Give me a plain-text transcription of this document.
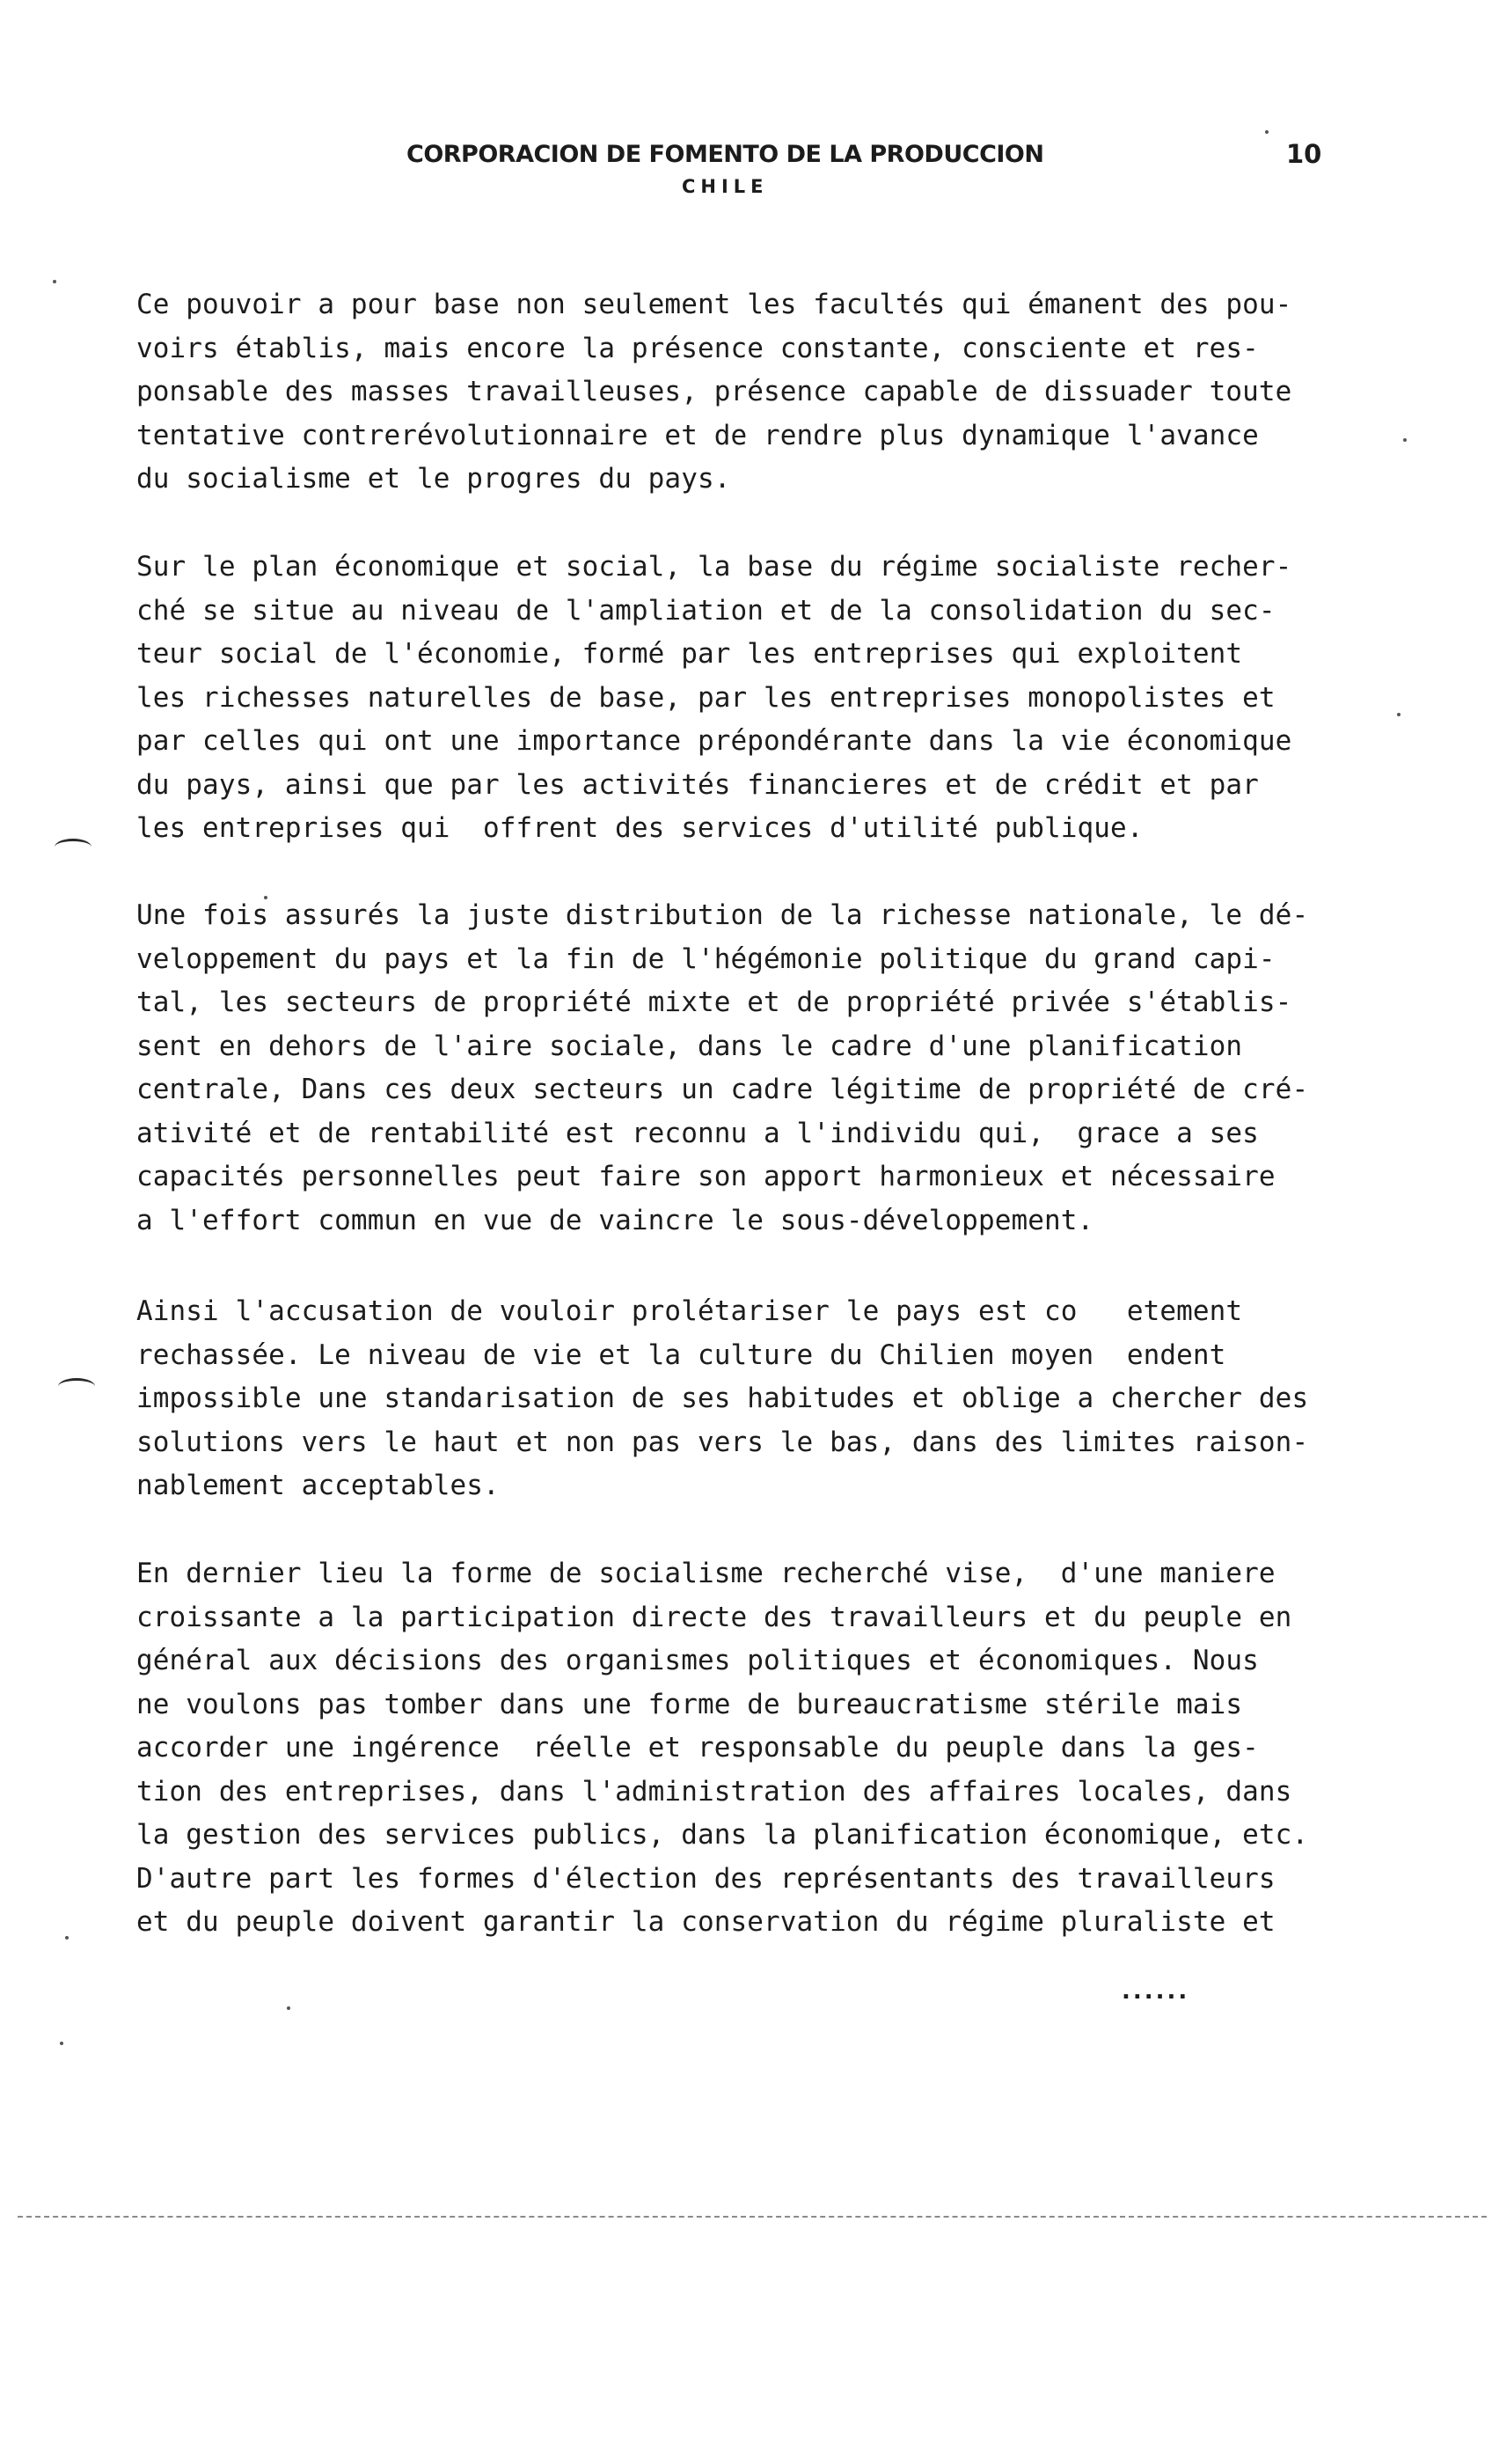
CORPORACION DE FOMENTO DE LA PRODUCCION
CHILE
10
Ce pouvoir a pour base non seulement les facultés qui émanent des pou-
voirs établis, mais encore la présence constante, consciente et res-
ponsable des masses travailleuses, présence capable de dissuader toute
tentative contrerévolutionnaire et de rendre plus dynamique l'avance
du socialisme et le progres du pays.
Sur le plan économique et social, la base du régime socialiste recher-
ché se situe au niveau de l'ampliation et de la consolidation du sec-
teur social de l'économie, formé par les entreprises qui exploitent
les richesses naturelles de base, par les entreprises monopolistes et
par celles qui ont une importance prépondérante dans la vie économique
du pays, ainsi que par les activités financieres et de crédit et par
les entreprises qui  offrent des services d'utilité publique.
Une fois assurés la juste distribution de la richesse nationale, le dé-
veloppement du pays et la fin de l'hégémonie politique du grand capi-
tal, les secteurs de propriété mixte et de propriété privée s'établis-
sent en dehors de l'aire sociale, dans le cadre d'une planification
centrale, Dans ces deux secteurs un cadre légitime de propriété de cré-
ativité et de rentabilité est reconnu a l'individu qui,  grace a ses
capacités personnelles peut faire son apport harmonieux et nécessaire
a l'effort commun en vue de vaincre le sous-développement.
Ainsi l'accusation de vouloir prolétariser le pays est co   etement
rechassée. Le niveau de vie et la culture du Chilien moyen  endent
impossible une standarisation de ses habitudes et oblige a chercher des
solutions vers le haut et non pas vers le bas, dans des limites raison-
nablement acceptables.
En dernier lieu la forme de socialisme recherché vise,  d'une maniere
croissante a la participation directe des travailleurs et du peuple en
général aux décisions des organismes politiques et économiques. Nous
ne voulons pas tomber dans une forme de bureaucratisme stérile mais
accorder une ingérence  réelle et responsable du peuple dans la ges-
tion des entreprises, dans l'administration des affaires locales, dans
la gestion des services publics, dans la planification économique, etc.
D'autre part les formes d'élection des représentants des travailleurs
et du peuple doivent garantir la conservation du régime pluraliste et
......
